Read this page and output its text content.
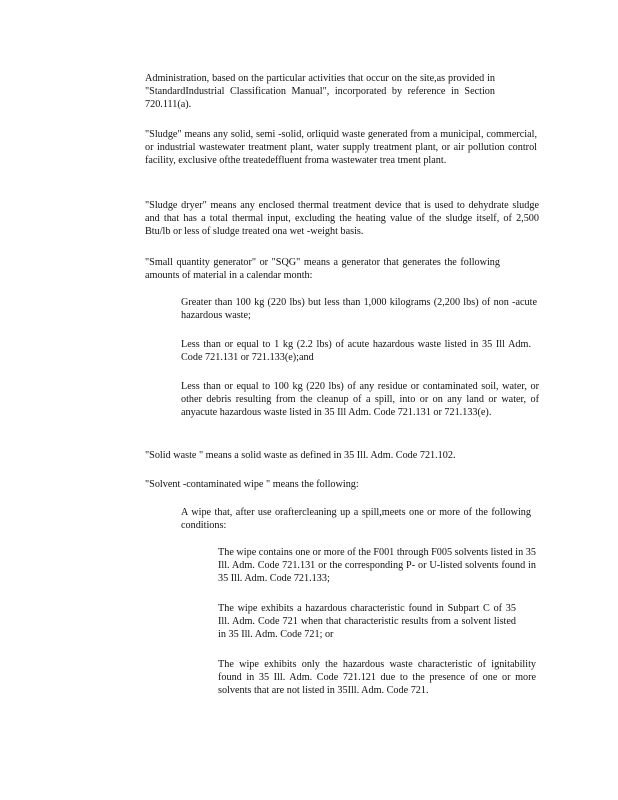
Administration, based on the particular activities that occur on the site,as provided in "StandardIndustrial Classification Manual", incorporated by reference in Section 720.111(a).

"Sludge" means any solid, semi -solid, orliquid waste generated from a municipal, commercial, or industrial wastewater treatment plant, water supply treatment plant, or air pollution control facility, exclusive ofthe treatedeffluent froma wastewater trea tment plant.

"Sludge dryer" means any enclosed thermal treatment device that is used to dehydrate sludge and that has a total thermal input, excluding the heating value of the sludge itself, of 2,500 Btu/lb or less of sludge treated ona wet -weight basis.

"Small quantity generator" or "SQG" means a generator that generates the following amounts of material in a calendar month:

Greater than 100 kg (220 lbs) but less than 1,000 kilograms (2,200 lbs) of non -acute hazardous waste;

Less than or equal to 1 kg (2.2 lbs) of acute hazardous waste listed in 35 Ill Adm. Code 721.131 or 721.133(e);and

Less than or equal to 100 kg (220 lbs) of any residue or contaminated soil, water, or other debris resulting from the cleanup of a spill, into or on any land or water, of anyacute hazardous waste listed in 35 Ill Adm. Code 721.131 or 721.133(e).

"Solid waste " means a solid waste as defined in 35 Ill. Adm. Code 721.102.

"Solvent -contaminated wipe " means the following:

A wipe that, after use oraftercleaning up a spill,meets one or more of the following conditions:

The wipe contains one or more of the F001 through F005 solvents listed in 35 Ill. Adm. Code 721.131 or the corresponding P- or U-listed solvents found in 35 Ill. Adm. Code 721.133;

The wipe exhibits a hazardous characteristic found in Subpart C of 35 Ill. Adm. Code 721 when that characteristic results from a solvent listed in 35 Ill. Adm. Code 721; or

The wipe exhibits only the hazardous waste characteristic of ignitability found in 35 Ill. Adm. Code 721.121 due to the presence of one or more solvents that are not listed in 35Ill. Adm. Code 721.
